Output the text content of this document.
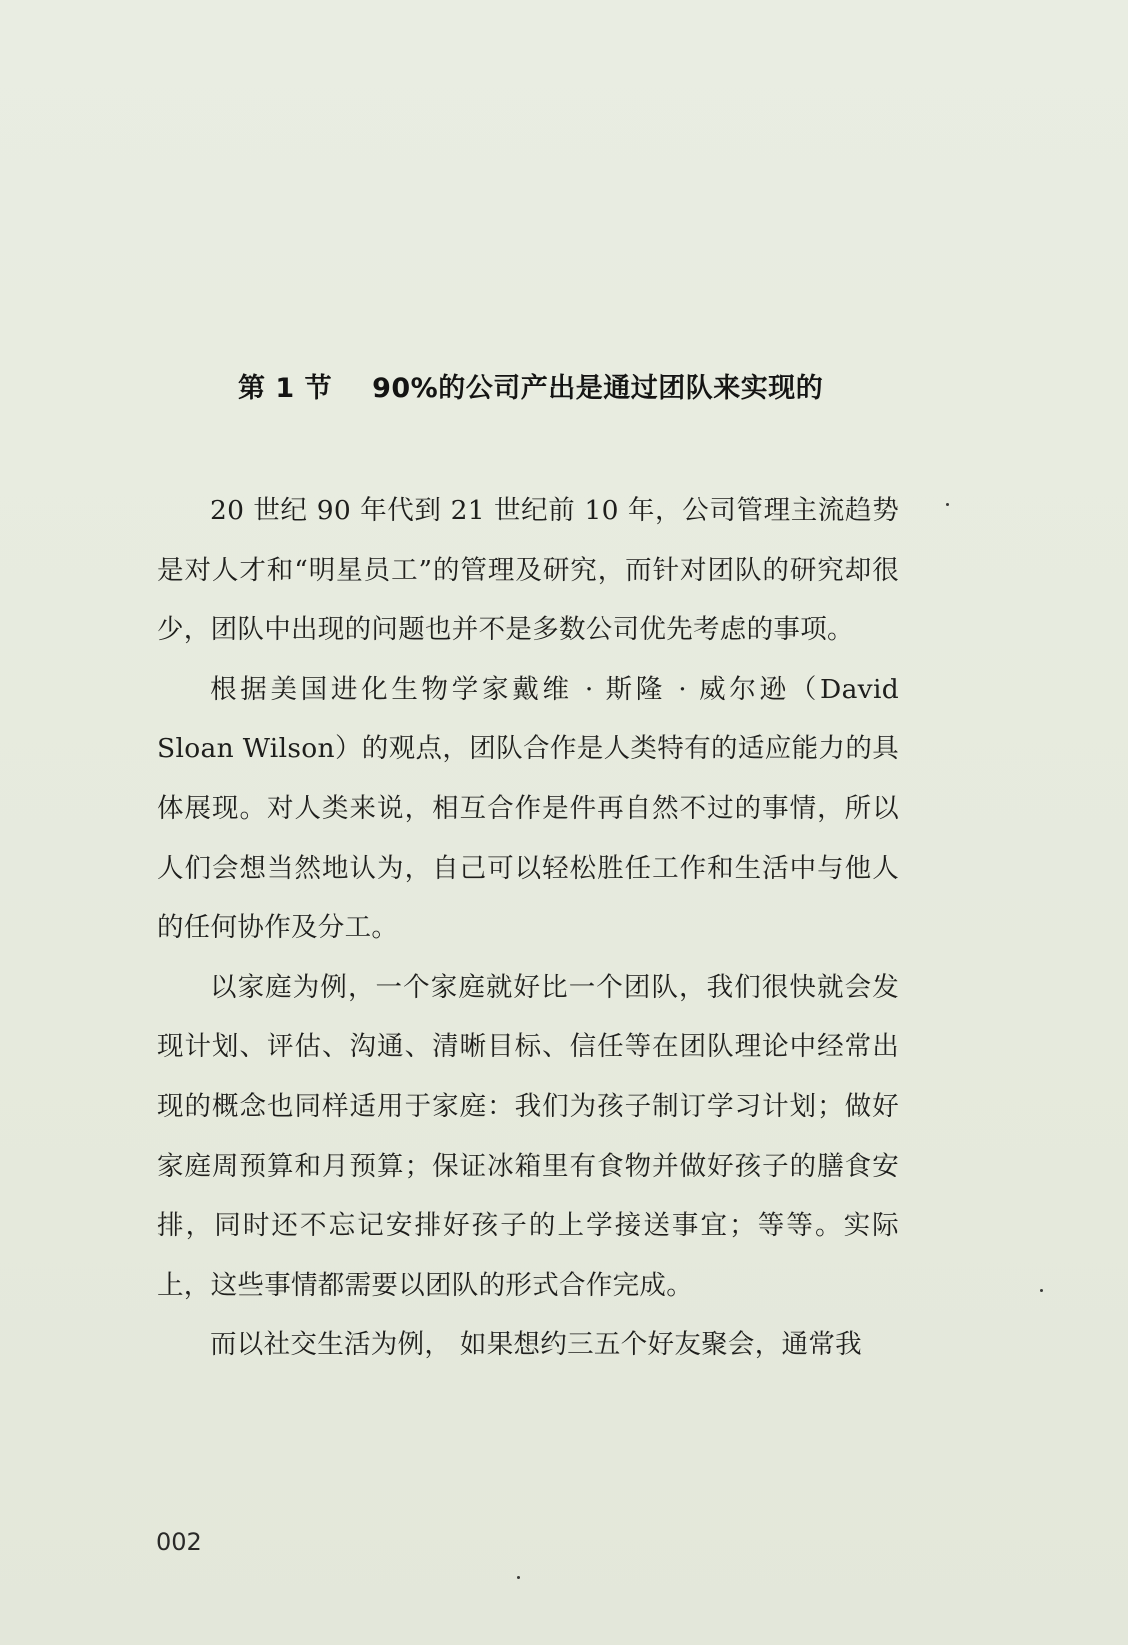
第 1 节 90%的公司产出是通过团队来实现的

20 世纪 90 年代到 21 世纪前 10 年，公司管理主流趋势是对人才和“明星员工”的管理及研究，而针对团队的研究却很少，团队中出现的问题也并不是多数公司优先考虑的事项。

根据美国进化生物学家戴维 · 斯隆 · 威尔逊（David Sloan Wilson）的观点，团队合作是人类特有的适应能力的具体展现。对人类来说，相互合作是件再自然不过的事情，所以人们会想当然地认为，自己可以轻松胜任工作和生活中与他人的任何协作及分工。

以家庭为例，一个家庭就好比一个团队，我们很快就会发现计划、评估、沟通、清晰目标、信任等在团队理论中经常出现的概念也同样适用于家庭：我们为孩子制订学习计划；做好家庭周预算和月预算；保证冰箱里有食物并做好孩子的膳食安排，同时还不忘记安排好孩子的上学接送事宜；等等。实际上，这些事情都需要以团队的形式合作完成。

而以社交生活为例， 如果想约三五个好友聚会，通常我

002
